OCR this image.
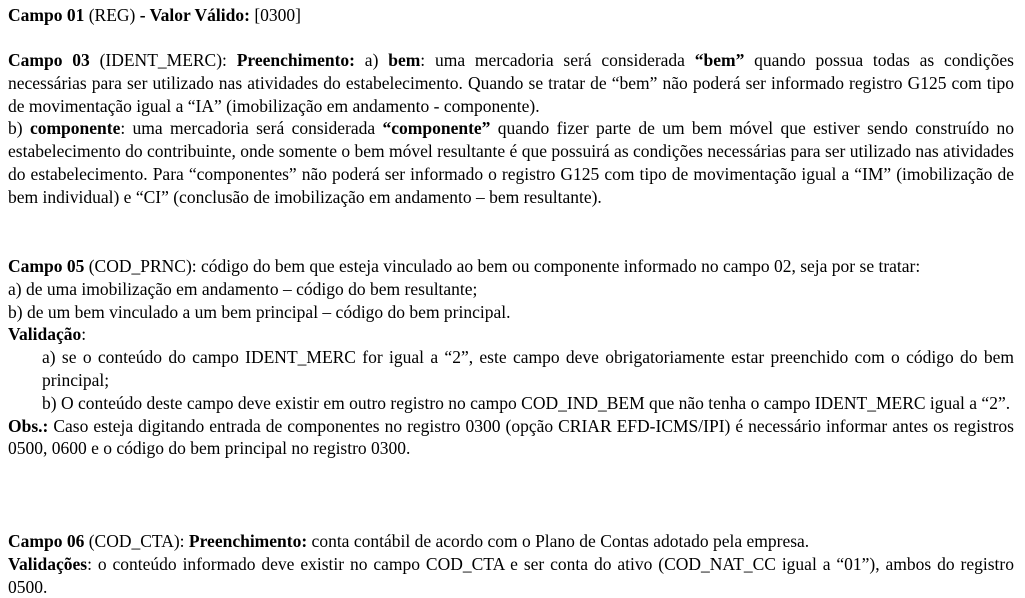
Campo 01 (REG) - Valor Válido: [0300]

Campo 03 (IDENT_MERC): Preenchimento: a) bem: uma mercadoria será considerada “bem” quando possua todas as condições necessárias para ser utilizado nas atividades do estabelecimento. Quando se tratar de “bem” não poderá ser informado registro G125 com tipo de movimentação igual a “IA” (imobilização em andamento - componente).

b) componente: uma mercadoria será considerada “componente” quando fizer parte de um bem móvel que estiver sendo construído no estabelecimento do contribuinte, onde somente o bem móvel resultante é que possuirá as condições necessárias para ser utilizado nas atividades do estabelecimento. Para “componentes” não poderá ser informado o registro G125 com tipo de movimentação igual a “IM” (imobilização de bem individual) e “CI” (conclusão de imobilização em andamento – bem resultante).

Campo 05 (COD_PRNC): código do bem que esteja vinculado ao bem ou componente informado no campo 02, seja por se tratar:

a) de uma imobilização em andamento – código do bem resultante;

b) de um bem vinculado a um bem principal – código do bem principal.

Validação:

a) se o conteúdo do campo IDENT_MERC for igual a “2”, este campo deve obrigatoriamente estar preenchido com o código do bem principal;

b) O conteúdo deste campo deve existir em outro registro no campo COD_IND_BEM que não tenha o campo IDENT_MERC igual a “2”.

Obs.: Caso esteja digitando entrada de componentes no registro 0300 (opção CRIAR EFD-ICMS/IPI) é necessário informar antes os registros 0500, 0600 e o código do bem principal no registro 0300.

Campo 06 (COD_CTA): Preenchimento: conta contábil de acordo com o Plano de Contas adotado pela empresa.

Validações: o conteúdo informado deve existir no campo COD_CTA e ser conta do ativo (COD_NAT_CC igual a “01”), ambos do registro 0500.
